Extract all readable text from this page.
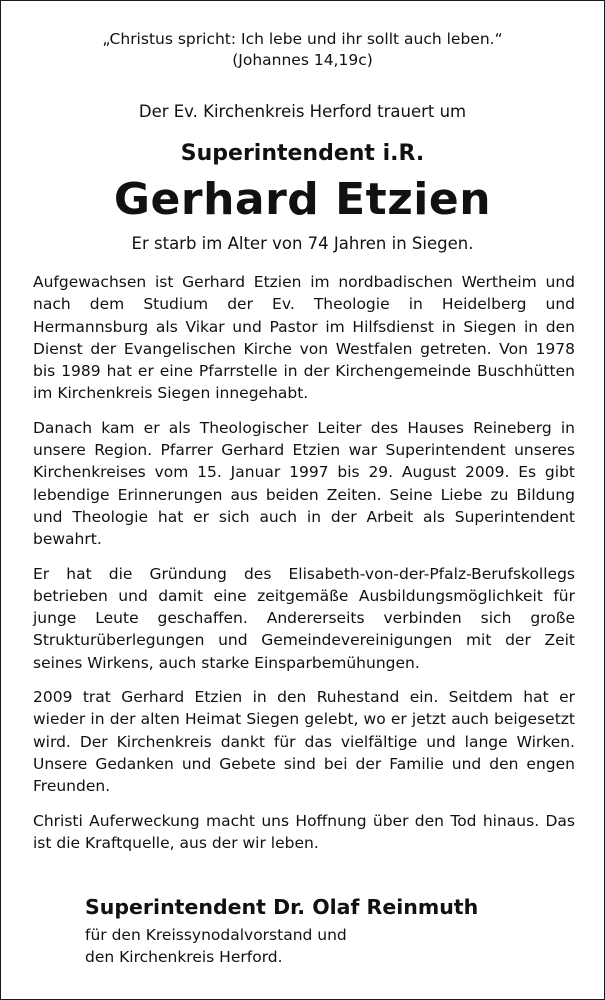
„Christus spricht: Ich lebe und ihr sollt auch leben.“
(Johannes 14,19c)
Der Ev. Kirchenkreis Herford trauert um
Superintendent i.R.
Gerhard Etzien
Er starb im Alter von 74 Jahren in Siegen.

Aufgewachsen ist Gerhard Etzien im nordbadischen Wertheim und nach dem Studium der Ev. Theologie in Heidelberg und Hermannsburg als Vikar und Pastor im Hilfsdienst in Siegen in den Dienst der Evangelischen Kirche von Westfalen getreten. Von 1978 bis 1989 hat er eine Pfarrstelle in der Kirchengemeinde Buschhütten im Kirchenkreis Siegen innegehabt.

Danach kam er als Theologischer Leiter des Hauses Reineberg in unsere Region. Pfarrer Gerhard Etzien war Superintendent unseres Kirchenkreises vom 15. Januar 1997 bis 29. August 2009. Es gibt lebendige Erinnerungen aus beiden Zeiten. Seine Liebe zu Bildung und Theologie hat er sich auch in der Arbeit als Superintendent bewahrt.

Er hat die Gründung des Elisabeth-von-der-Pfalz-Berufskollegs betrieben und damit eine zeitgemäße Ausbildungsmöglichkeit für junge Leute geschaffen. Andererseits verbinden sich große Strukturüberlegungen und Gemeindevereinigungen mit der Zeit seines Wirkens, auch starke Einsparbemühungen.

2009 trat Gerhard Etzien in den Ruhestand ein. Seitdem hat er wieder in der alten Heimat Siegen gelebt, wo er jetzt auch beigesetzt wird. Der Kirchenkreis dankt für das vielfältige und lange Wirken. Unsere Gedanken und Gebete sind bei der Familie und den engen Freunden.

Christi Auferweckung macht uns Hoffnung über den Tod hinaus. Das ist die Kraftquelle, aus der wir leben.

Superintendent Dr. Olaf Reinmuth
für den Kreissynodalvorstand und
den Kirchenkreis Herford.
